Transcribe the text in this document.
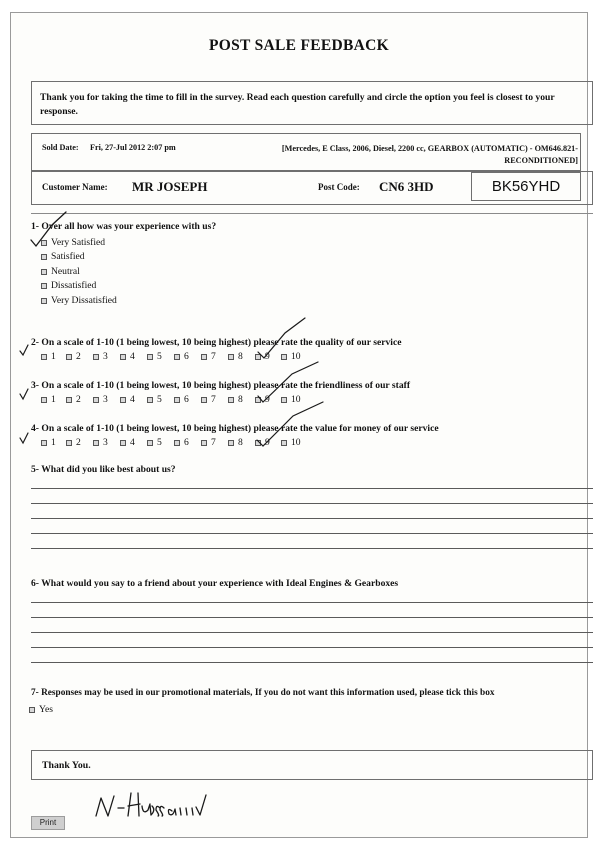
POST SALE FEEDBACK
Thank you for taking the time to fill in the survey. Read each question carefully and circle the option you feel is closest to your response.
Sold Date: Fri, 27-Jul 2012 2:07 pm	[Mercedes, E Class, 2006, Diesel, 2200 cc, GEARBOX (AUTOMATIC) - OM646.821-RECONDITIONED]
Customer Name: MR JOSEPH	Post Code: CN6 3HD	BK56YHD
1- Over all how was your experience with us?
Very Satisfied
Satisfied
Neutral
Dissatisfied
Very Dissatisfied
2- On a scale of 1-10 (1 being lowest, 10 being highest) please rate the quality of our service
1 2 3 4 5 6 7 8 9 10
3- On a scale of 1-10 (1 being lowest, 10 being highest) please rate the friendliness of our staff
1 2 3 4 5 6 7 8 9 10
4- On a scale of 1-10 (1 being lowest, 10 being highest) please rate the value for money of our service
1 2 3 4 5 6 7 8 9 10
5- What did you like best about us?
6- What would you say to a friend about your experience with Ideal Engines & Gearboxes
7- Responses may be used in our promotional materials, If you do not want this information used, please tick this box
Yes
Thank You.
Print
